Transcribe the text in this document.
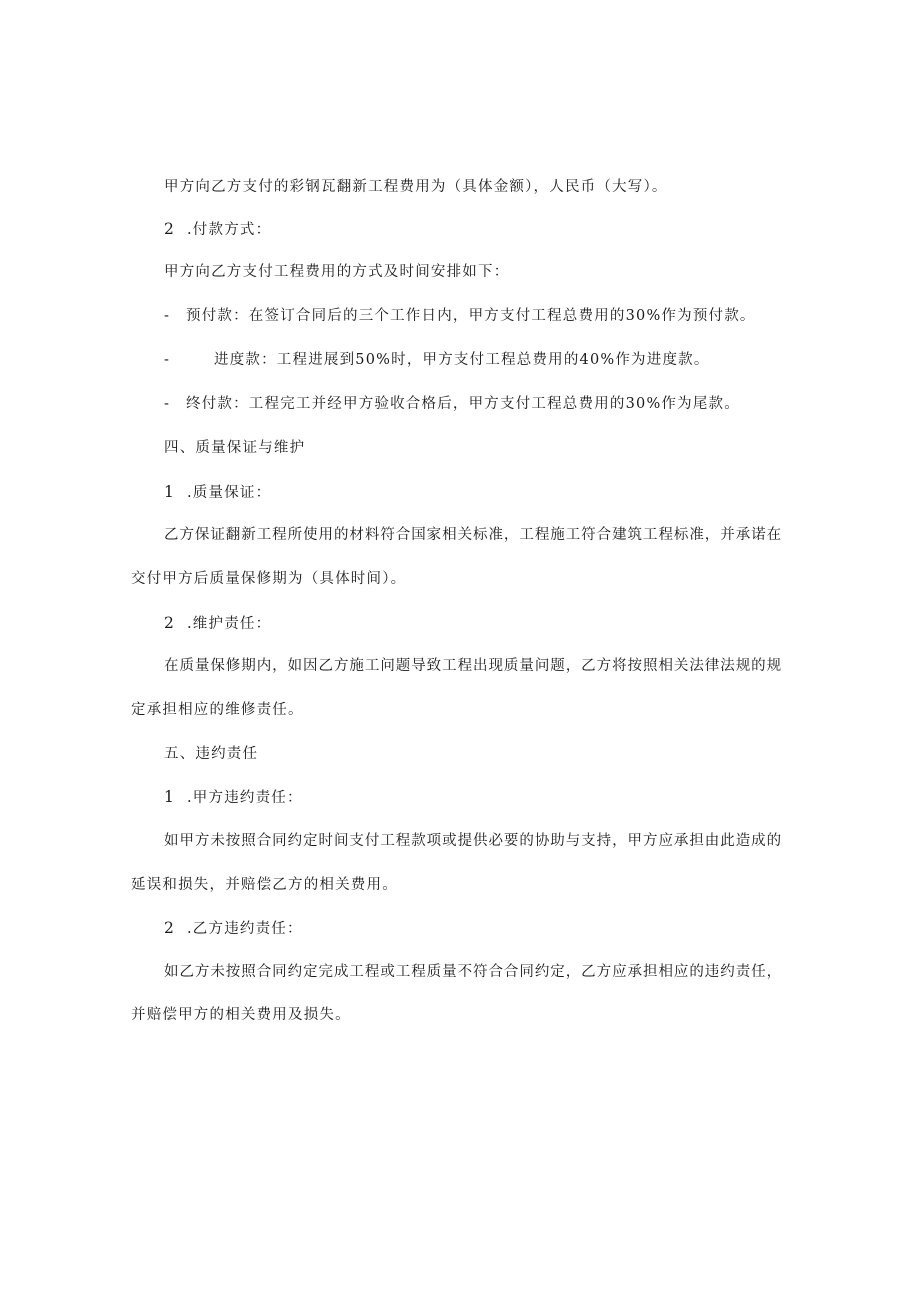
甲方向乙方支付的彩钢瓦翻新工程费用为（具体金额），人民币（大写）。
2 .付款方式：
甲方向乙方支付工程费用的方式及时间安排如下：
- 预付款：在签订合同后的三个工作日内，甲方支付工程总费用的30%作为预付款。
-	进度款：工程进展到50%时，甲方支付工程总费用的40%作为进度款。
- 终付款：工程完工并经甲方验收合格后，甲方支付工程总费用的30%作为尾款。
四、质量保证与维护
1 .质量保证：
乙方保证翻新工程所使用的材料符合国家相关标准，工程施工符合建筑工程标准，并承诺在
交付甲方后质量保修期为（具体时间）。
2 .维护责任：
在质量保修期内，如因乙方施工问题导致工程出现质量问题，乙方将按照相关法律法规的规
定承担相应的维修责任。
五、违约责任
1 .甲方违约责任：
如甲方未按照合同约定时间支付工程款项或提供必要的协助与支持，甲方应承担由此造成的
延误和损失，并赔偿乙方的相关费用。
2 .乙方违约责任：
如乙方未按照合同约定完成工程或工程质量不符合合同约定，乙方应承担相应的违约责任，
并赔偿甲方的相关费用及损失。
